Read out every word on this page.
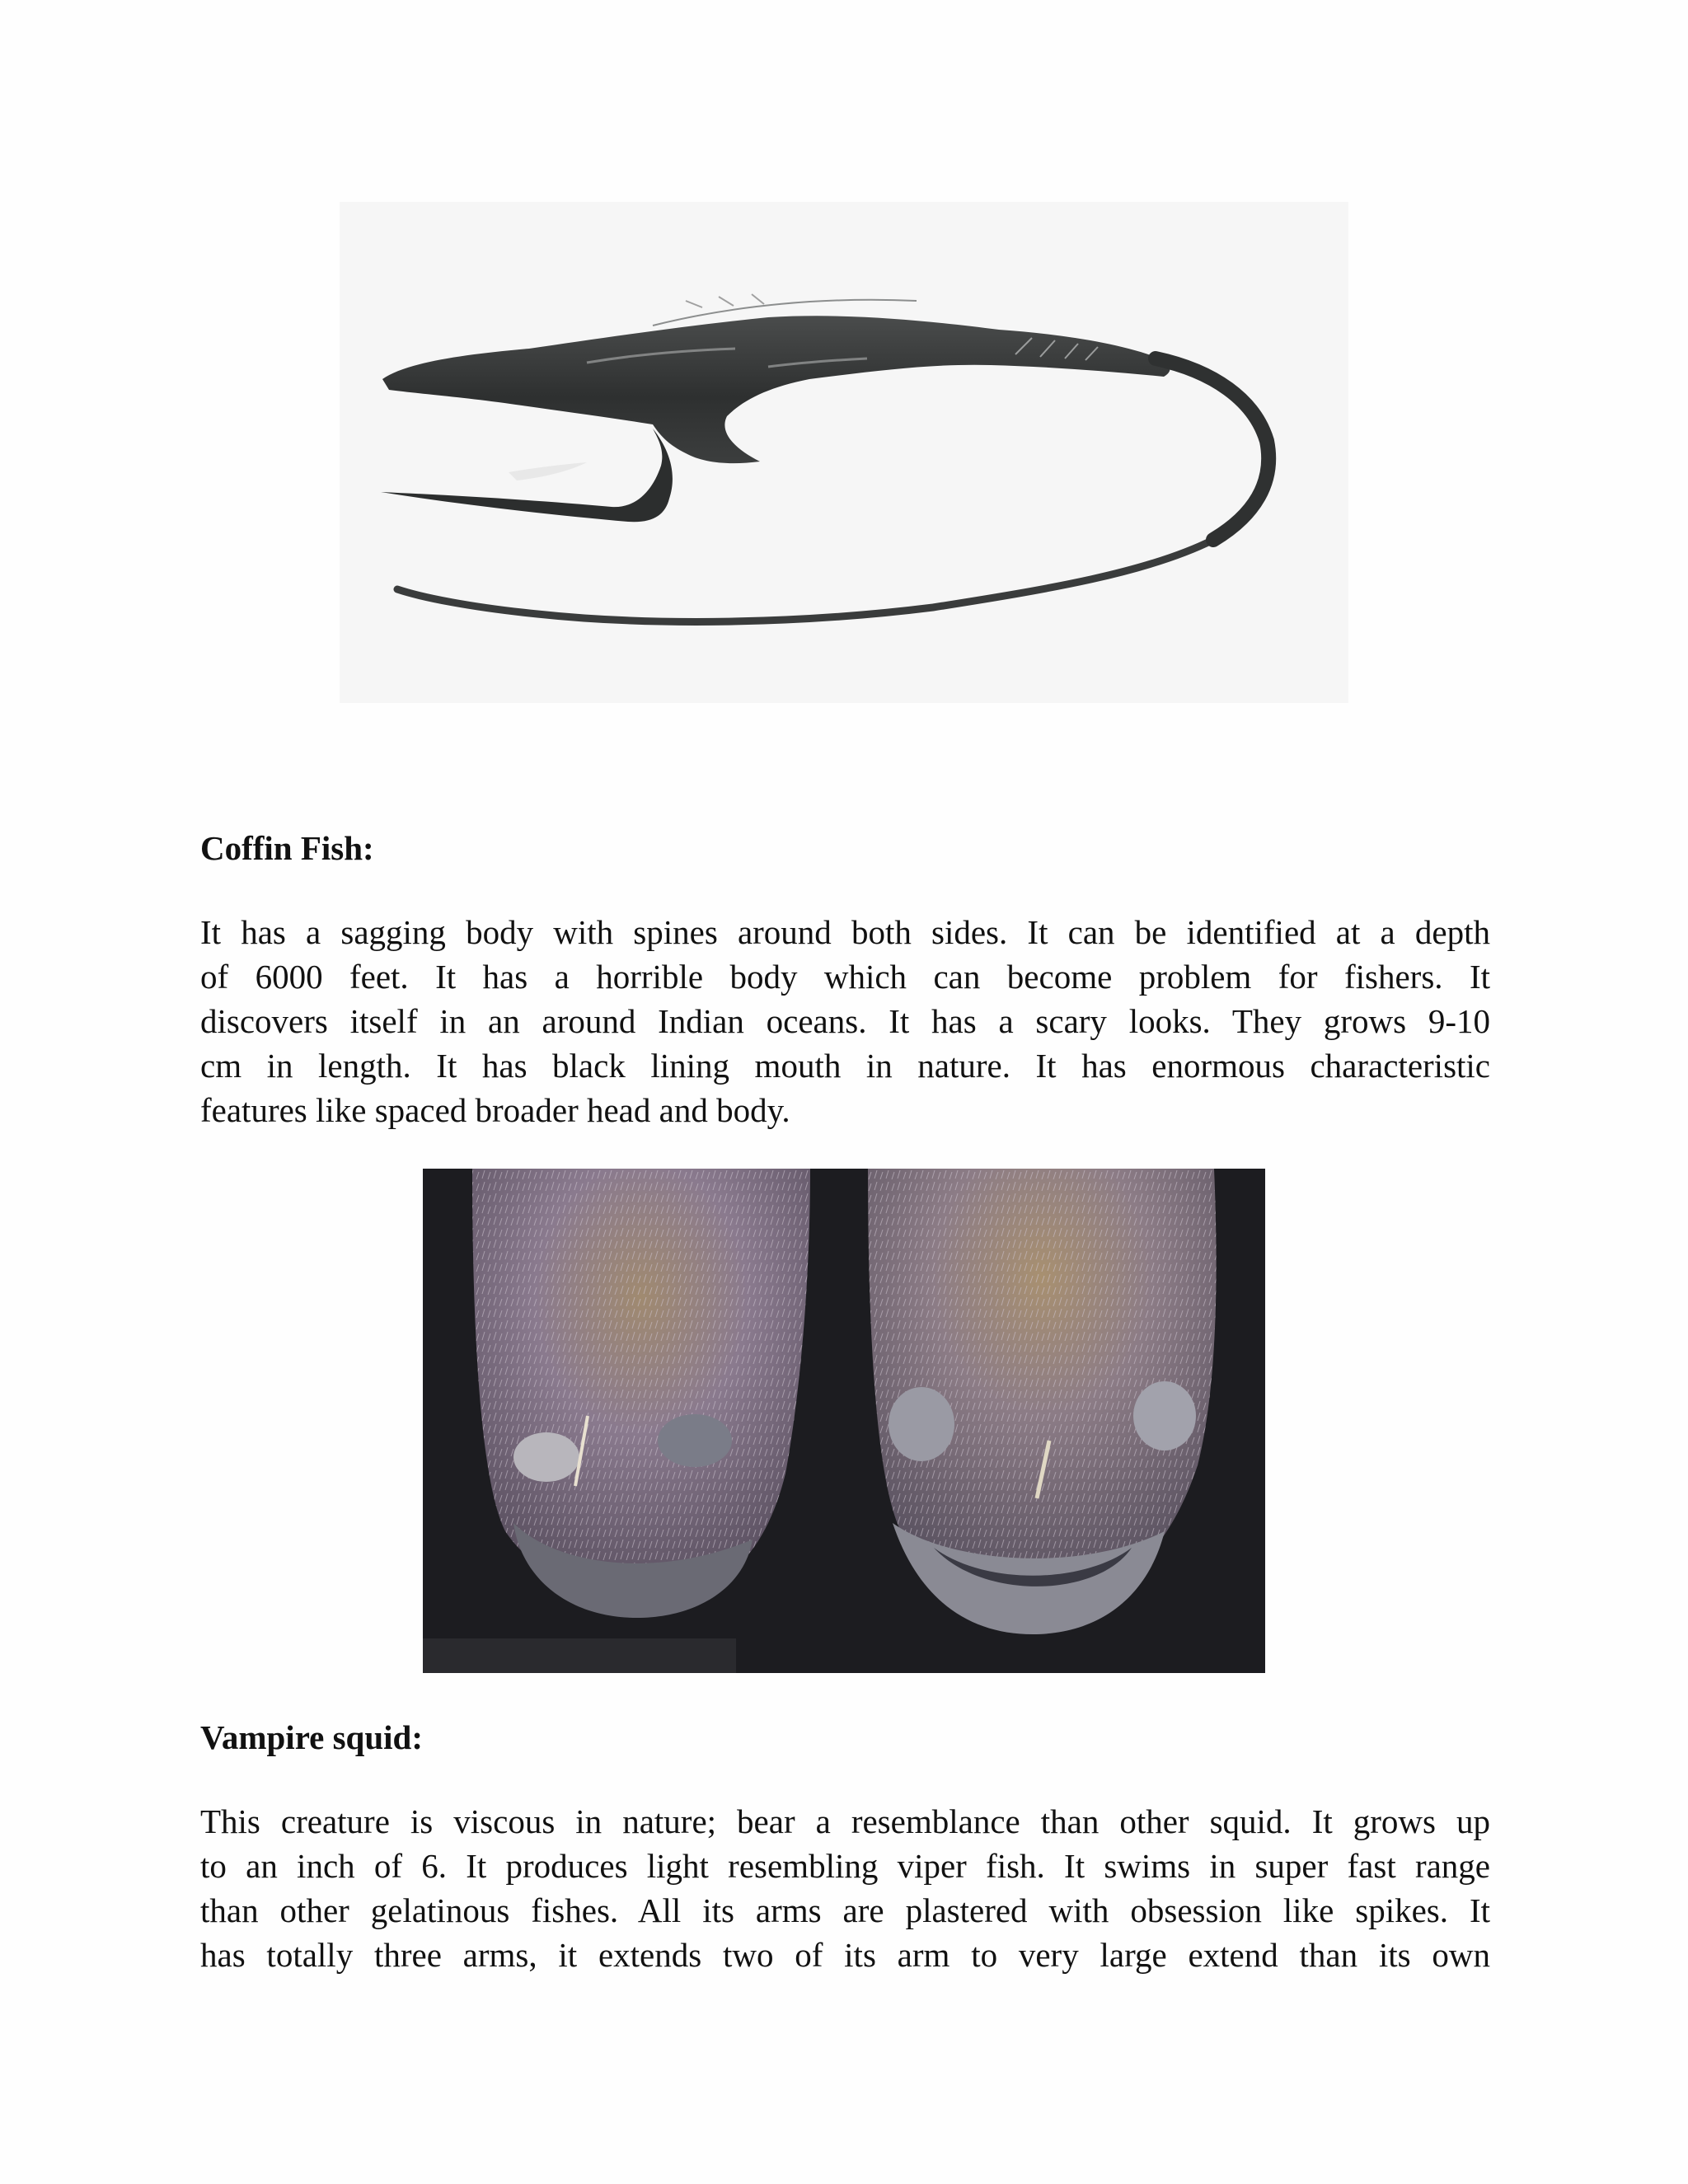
Coffin Fish:
It has a sagging body with spines around both sides. It can be identified at a depth
of 6000 feet. It has a horrible body which can become problem for fishers. It
discovers itself in an around Indian oceans. It has a scary looks. They grows 9-10
cm in length. It has black lining mouth in nature. It has enormous characteristic
features like spaced broader head and body.
Vampire squid:
This creature is viscous in nature; bear a resemblance than other squid. It grows up
to an inch of 6. It produces light resembling viper fish. It swims in super fast range
than other gelatinous fishes. All its arms are plastered with obsession like spikes. It
has totally three arms, it extends two of its arm to very large extend than its own
